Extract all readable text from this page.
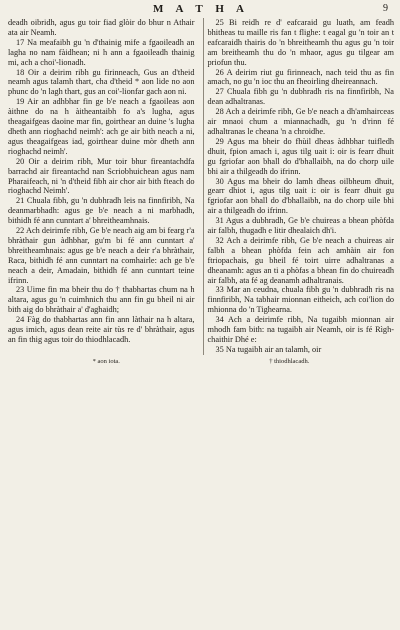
M A T H A	9

deadh oibridh, agus gu toir fiad glòir do bhur n Athair ata air Neamh.

17 Na meafaibh gu 'n d'thainig mife a fgaoileadh an lagha no nam fàidhean; ni h ann a fgaoileadh thainig mi, ach a choi'-lionadh.

18 Oir a deirim ribh gu firinneach, Gus an d'theid neamh agus talamh thart, cha d'theid * aon lide no aon phunc do 'n lagh thart, gus an coi'-lionfar gach aon ni.

19 Air an adhbhar fin ge b'e neach a fgaoileas aon àithne do na h àitheantaibh fo a's lugha, agus theagaifgeas daoine mar fin, goirthear an duine 's lugha dheth ann rioghachd neimh': ach ge air bith neach a ni, agus theagaifgeas iad, goirthear duine mòr dheth ann rioghachd neimh'.

20 Oir a deirim ribh, Mur toir bhur fireantachdfa barrachd air fireantachd nan Scriobhuichean agus nam Pharaifeach, ni 'n d'theid fibh air chor air bith fteach do rioghachd Neimh'.

21 Chuala fibh, gu 'n dubhradh leis na finnfiribh, Na deanmarbhadh: agus ge b'e neach a ni marbhadh, bithidh fé ann cunntart a' bhreitheamhnais.

22 Ach deirimfe ribh, Ge b'e neach aig am bi fearg r'a bhràthair gun àdhbhar, gu'm bi fé ann cunntart a' bhreitheamhnais: agus ge b'e neach a deir r'a bhràthair, Raca, bithidh fé ann cunntart na comhairle: ach ge b'e neach a deir, Amadain, bithidh fé ann cunntart teine ifrinn.

23 Uime fin ma bheir thu do † thabhartas chum na h altara, agus gu 'n cuimhnich thu ann fin gu bheil ni air bith aig do bhràthair a' d'aghaidh;

24 Fàg do thabhartas ann fin ann làthair na h altara, agus imich, agus dean reite air tùs re d' bhràthair, agus an fin thig agus toir do thiodhlacadh.

25 Bi reidh re d' eafcaraid gu luath, am feadh bhitheas tu maille ris fan t flighe: t eagal gu 'n toir an t eafcaraidh thairis do 'n bhreitheamh thu agus gu 'n toir am breitheamh thu do 'n mhaor, agus gu tilgear am priofun thu.

26 A deirim riut gu firinneach, nach teid thu as fin amach, no gu 'n ioc thu an fheoirling dheireannach.

27 Chuala fibh gu 'n dubhradh ris na finnfiribh, Na dean adhaltranas.

28 Ach a deirimfe ribh, Ge b'e neach a dh'amhairceas air mnaoi chum a miannachadh, gu 'n d'rinn fé adhaltranas le cheana 'n a chroidhe.

29 Agus ma bheir do fhùil dheas àdhbhar tuifledh dhuit, fpion amach i, agus tilg uait i: oir is fearr dhuit gu fgriofar aon bhall do d'bhallaibh, na do chorp uile bhi air a thilgeadh do ifrinn.

30 Agus ma bheir do lamh dheas oilbheum dhuit, gearr dhiot i, agus tilg uait i: oir is fearr dhuit gu fgriofar aon bhall do d'bhallaibh, na do chorp uile bhi air a thilgeadh do ifrinn.

31 Agus a dubhradh, Ge b'e chuireas a bhean phòfda air falbh, thugadh e litir dhealaich dh'i.

32 Ach a deirimfe ribh, Ge b'e neach a chuireas air falbh a bhean phòfda fein ach amhàin air fon ftriopachais, gu bheil fé toirt uirre adhaltranas a dheanamh: agus an ti a phòfas a bhean fin do chuireadh air falbh, ata fé ag deanamh adhaltranais.

33 Mar an ceudna, chuala fibh gu 'n dubhradh ris na finnfiribh, Na tabhair mionnan eitheich, ach coi'lion do mhionna do 'n Tighearna.

34 Ach a deirimfe ribh, Na tugaibh mionnan air mhodh fam bith: na tugaibh air Neamh, oir is fé Rìgh-chaithir Dhé e:

35 Na tugaibh air an talamh, oir

* aon iota.	† thiodhlacadh.
